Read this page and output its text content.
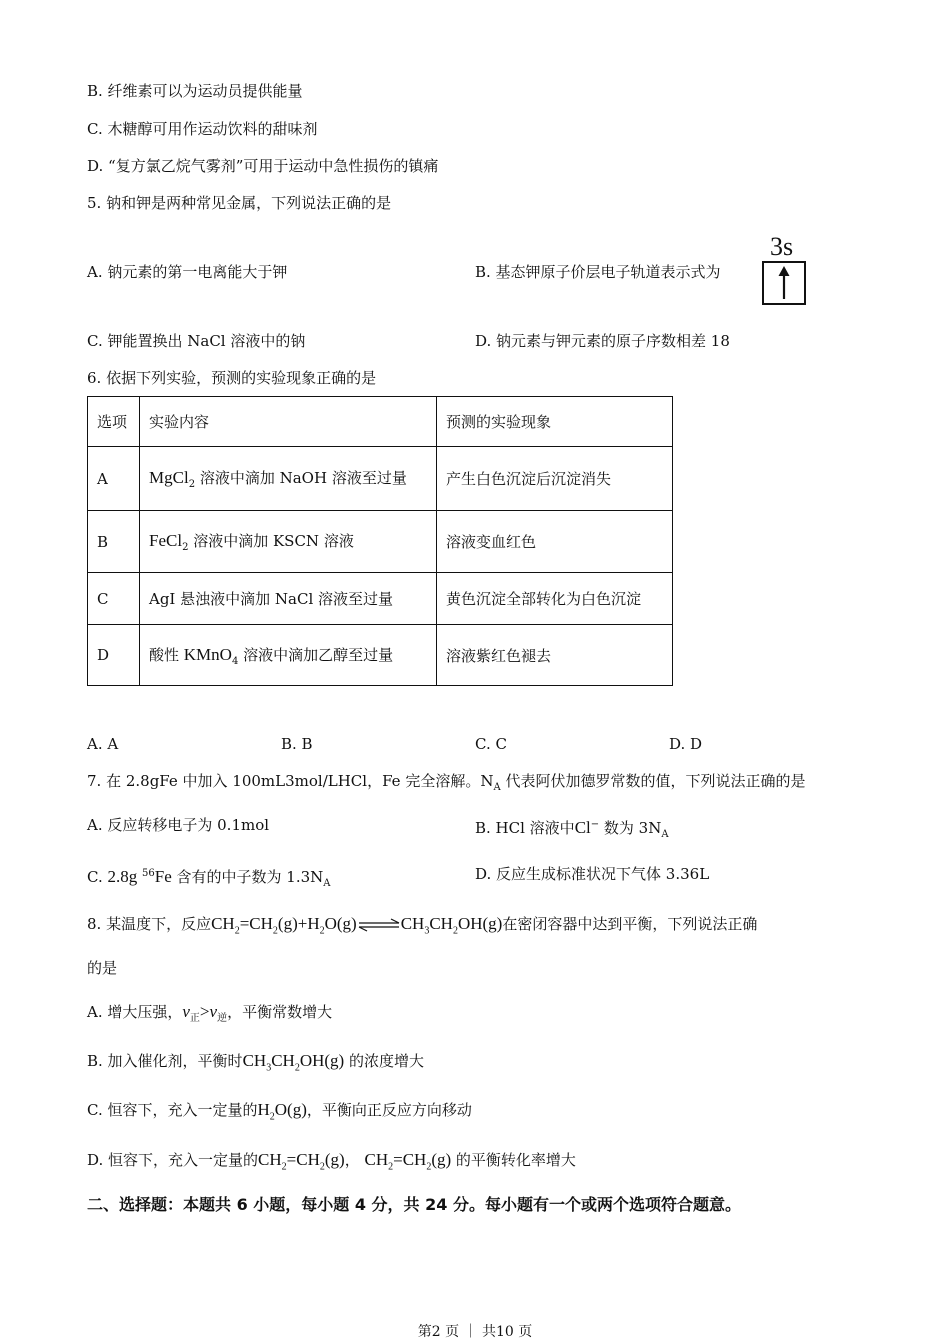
B. 纤维素可以为运动员提供能量
C. 木糖醇可用作运动饮料的甜味剂
D. “复方氯乙烷气雾剂”可用于运动中急性损伤的镇痛
5. 钠和钾是两种常见金属，下列说法正确的是
A. 钠元素的第一电离能大于钾	B. 基态钾原子价层电子轨道表示式为
3s
C. 钾能置换出 NaCl 溶液中的钠	D. 钠元素与钾元素的原子序数相差 18
6. 依据下列实验，预测的实验现象正确的是
选项	实验内容	预测的实验现象
A	MgCl$_2$ 溶液中滴加 NaOH 溶液至过量	产生白色沉淀后沉淀消失
B	FeCl$_2$ 溶液中滴加 KSCN 溶液	溶液变血红色
C	AgI 悬浊液中滴加 NaCl 溶液至过量	黄色沉淀全部转化为白色沉淀
D	酸性 KMnO$_4$ 溶液中滴加乙醇至过量	溶液紫红色褪去
A. A	B. B	C. C	D. D
7. 在 2.8gFe 中加入 100mL3mol/LHCl，Fe 完全溶解。$N_A$ 代表阿伏加德罗常数的值，下列说法正确的是
A. 反应转移电子为 0.1mol	B. HCl 溶液中Cl− 数为 $3N_A$
C. 2.8g $^{56}$Fe 含有的中子数为 $1.3N_A$
D. 反应生成标准状况下气体 3.36L
8. 某温度下，反应$CH_2=CH_2(g)+H_2O(g)\rightleftharpoons CH_3CH_2OH(g)$在密闭容器中达到平衡，下列说法正确
的是
A. 增大压强，$v_正>v_逆$，平衡常数增大
B. 加入催化剂，平衡时$CH_3CH_2OH(g)$ 的浓度增大
C. 恒容下，充入一定量的$H_2O(g)$，平衡向正反应方向移动
D. 恒容下，充入一定量的$CH_2=CH_2(g)$， $CH_2=CH_2(g)$ 的平衡转化率增大
二、选择题：本题共 6 小题，每小题 4 分，共 24 分。每小题有一个或两个选项符合题意。
第2 页 ｜ 共10 页
